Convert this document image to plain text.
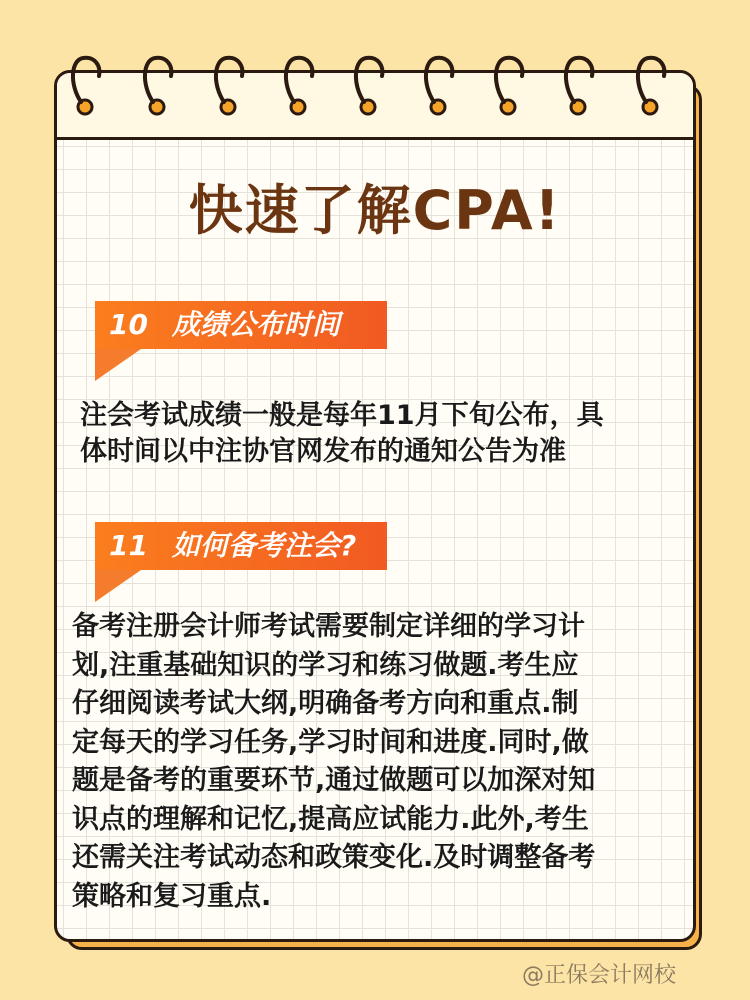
快速了解CPA!
10 成绩公布时间
注会考试成绩一般是每年11月下旬公布，具
体时间以中注协官网发布的通知公告为准
11 如何备考注会?
备考注册会计师考试需要制定详细的学习计
划,注重基础知识的学习和练习做题.考生应
仔细阅读考试大纲,明确备考方向和重点.制
定每天的学习任务,学习时间和进度.同时,做
题是备考的重要环节,通过做题可以加深对知
识点的理解和记忆,提高应试能力.此外,考生
还需关注考试动态和政策变化.及时调整备考
策略和复习重点.
@正保会计网校
